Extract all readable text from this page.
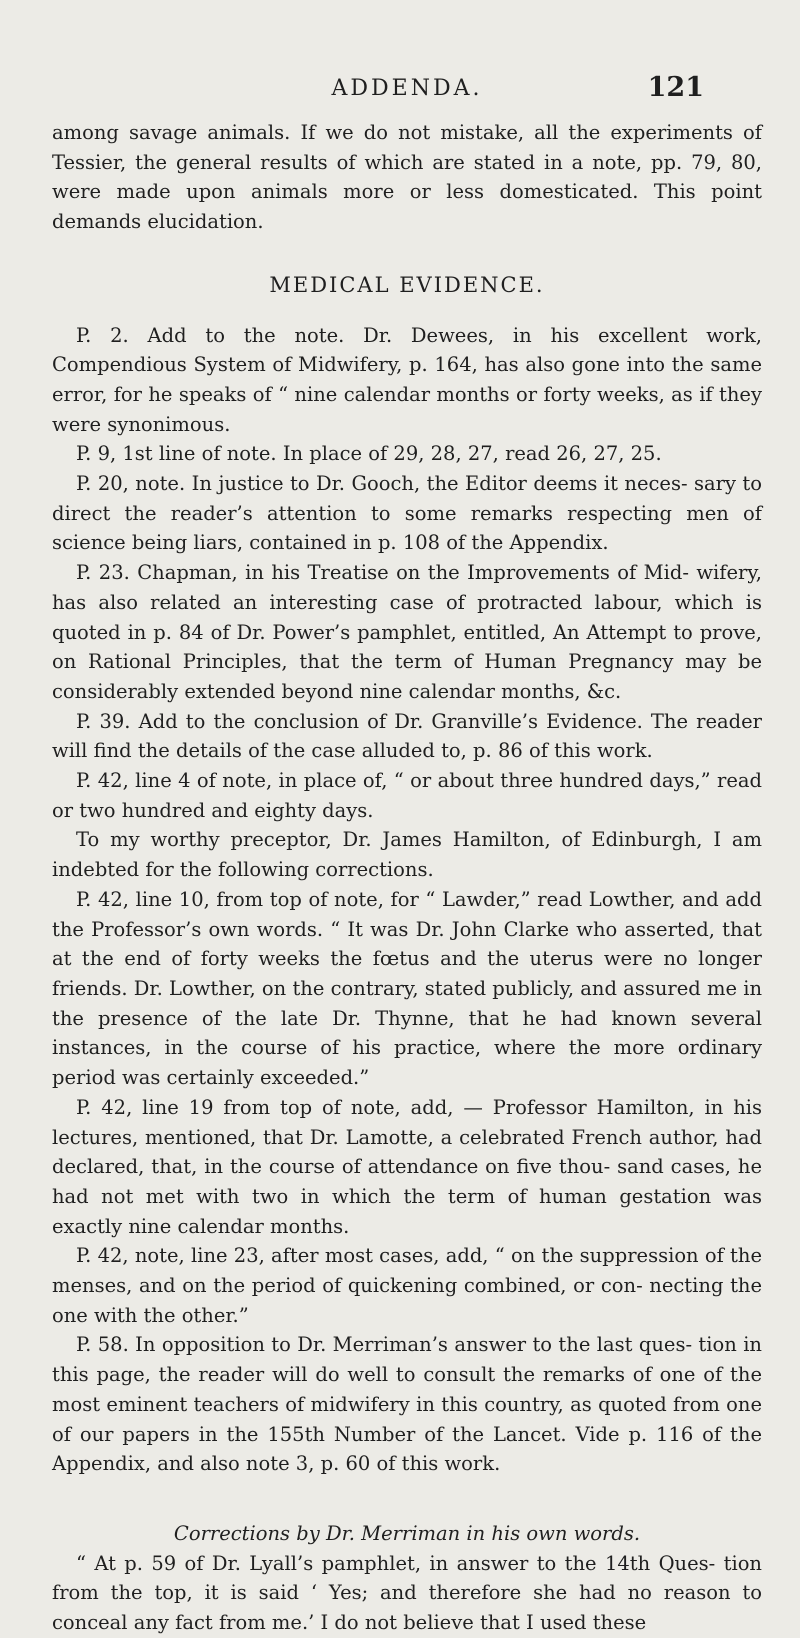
ADDENDA.	121

among savage animals. If we do not mistake, all the experiments of Tessier, the general results of which are stated in a note, pp. 79, 80, were made upon animals more or less domesticated. This point demands elucidation.

MEDICAL EVIDENCE.

P. 2. Add to the note. Dr. Dewees, in his excellent work, Compendious System of Midwifery, p. 164, has also gone into the same error, for he speaks of “ nine calendar months or forty weeks, as if they were synonimous.

P. 9, 1st line of note. In place of 29, 28, 27, read 26, 27, 25.

P. 20, note. In justice to Dr. Gooch, the Editor deems it neces- sary to direct the reader’s attention to some remarks respecting men of science being liars, contained in p. 108 of the Appendix.

P. 23. Chapman, in his Treatise on the Improvements of Mid- wifery, has also related an interesting case of protracted labour, which is quoted in p. 84 of Dr. Power’s pamphlet, entitled, An Attempt to prove, on Rational Principles, that the term of Human Pregnancy may be considerably extended beyond nine calendar months, &c.

P. 39. Add to the conclusion of Dr. Granville’s Evidence. The reader will find the details of the case alluded to, p. 86 of this work.

P. 42, line 4 of note, in place of, “ or about three hundred days,” read or two hundred and eighty days.

To my worthy preceptor, Dr. James Hamilton, of Edinburgh, I am indebted for the following corrections.

P. 42, line 10, from top of note, for “ Lawder,” read Lowther, and add the Professor’s own words. “ It was Dr. John Clarke who asserted, that at the end of forty weeks the fœtus and the uterus were no longer friends. Dr. Lowther, on the contrary, stated publicly, and assured me in the presence of the late Dr. Thynne, that he had known several instances, in the course of his practice, where the more ordinary period was certainly exceeded.”

P. 42, line 19 from top of note, add, — Professor Hamilton, in his lectures, mentioned, that Dr. Lamotte, a celebrated French author, had declared, that, in the course of attendance on five thou- sand cases, he had not met with two in which the term of human gestation was exactly nine calendar months.

P. 42, note, line 23, after most cases, add, “ on the suppression of the menses, and on the period of quickening combined, or con- necting the one with the other.”

P. 58. In opposition to Dr. Merriman’s answer to the last ques- tion in this page, the reader will do well to consult the remarks of one of the most eminent teachers of midwifery in this country, as quoted from one of our papers in the 155th Number of the Lancet. Vide p. 116 of the Appendix, and also note 3, p. 60 of this work.

Corrections by Dr. Merriman in his own words.

“ At p. 59 of Dr. Lyall’s pamphlet, in answer to the 14th Ques- tion from the top, it is said ‘ Yes; and therefore she had no reason to conceal any fact from me.’ I do not believe that I used these
